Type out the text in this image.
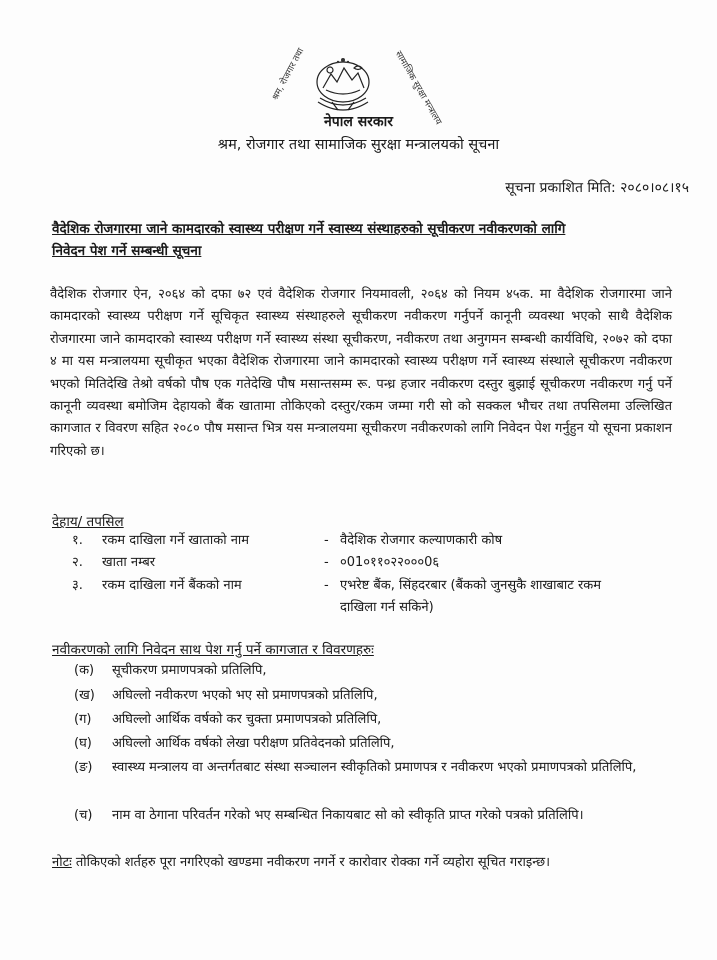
श्रम, रोजगार तथा	सामाजिक सुरक्षा मन्त्रालय
नेपाल सरकार
श्रम, रोजगार तथा सामाजिक सुरक्षा मन्त्रालयको सूचना
सूचना प्रकाशित मिति: २०८०।०८।१५
वैदेशिक रोजगारमा जाने कामदारको स्वास्थ्य परीक्षण गर्ने स्वास्थ्य संस्थाहरुको सूचीकरण नवीकरणको लागि
निवेदन पेश गर्ने सम्बन्धी सूचना
वैदेशिक रोजगार ऐन, २०६४ को दफा ७२ एवं वैदेशिक रोजगार नियमावली, २०६४ को नियम ४५क. मा वैदेशिक रोजगारमा जाने कामदारको स्वास्थ्य परीक्षण गर्ने सूचिकृत स्वास्थ्य संस्थाहरुले सूचीकरण नवीकरण गर्नुपर्ने कानूनी व्यवस्था भएको साथै वैदेशिक रोजगारमा जाने कामदारको स्वास्थ्य परीक्षण गर्ने स्वास्थ्य संस्था सूचीकरण, नवीकरण तथा अनुगमन सम्बन्धी कार्यविधि, २०७२ को दफा ४ मा यस मन्त्रालयमा सूचीकृत भएका वैदेशिक रोजगारमा जाने कामदारको स्वास्थ्य परीक्षण गर्ने स्वास्थ्य संस्थाले सूचीकरण नवीकरण भएको मितिदेखि तेश्रो वर्षको पौष एक गतेदेखि पौष मसान्तसम्म रू. पन्ध्र हजार नवीकरण दस्तुर बुझाई सूचीकरण नवीकरण गर्नु पर्ने कानूनी व्यवस्था बमोजिम देहायको बैंक खातामा तोकिएको दस्तुर/रकम जम्मा गरी सो को सक्कल भौचर तथा तपसिलमा उल्लिखित कागजात र विवरण सहित २०८० पौष मसान्त भित्र यस मन्त्रालयमा सूचीकरण नवीकरणको लागि निवेदन पेश गर्नुहुन यो सूचना प्रकाशन गरिएको छ।
देहाय/ तपसिल
१.	रकम दाखिला गर्ने खाताको नाम	- वैदेशिक रोजगार कल्याणकारी कोष
२.	खाता नम्बर	- ०01०११०२२०००0६
३.	रकम दाखिला गर्ने बैंकको नाम	- एभरेष्ट बैंक, सिंहदरबार (बैंकको जुनसुकै शाखाबाट रकम दाखिला गर्न सकिने)
नवीकरणको लागि निवेदन साथ पेश गर्नु पर्ने कागजात र विवरणहरुः
(क) सूचीकरण प्रमाणपत्रको प्रतिलिपि,
(ख) अघिल्लो नवीकरण भएको भए सो प्रमाणपत्रको प्रतिलिपि,
(ग) अघिल्लो आर्थिक वर्षको कर चुक्ता प्रमाणपत्रको प्रतिलिपि,
(घ) अघिल्लो आर्थिक वर्षको लेखा परीक्षण प्रतिवेदनको प्रतिलिपि,
(ङ) स्वास्थ्य मन्त्रालय वा अन्तर्गतबाट संस्था सञ्चालन स्वीकृतिको प्रमाणपत्र र नवीकरण भएको प्रमाणपत्रको प्रतिलिपि,
(च) नाम वा ठेगाना परिवर्तन गरेको भए सम्बन्धित निकायबाट सो को स्वीकृति प्राप्त गरेको पत्रको प्रतिलिपि।
नोटः तोकिएको शर्तहरु पूरा नगरिएको खण्डमा नवीकरण नगर्ने र कारोवार रोक्का गर्ने व्यहोरा सूचित गराइन्छ।
